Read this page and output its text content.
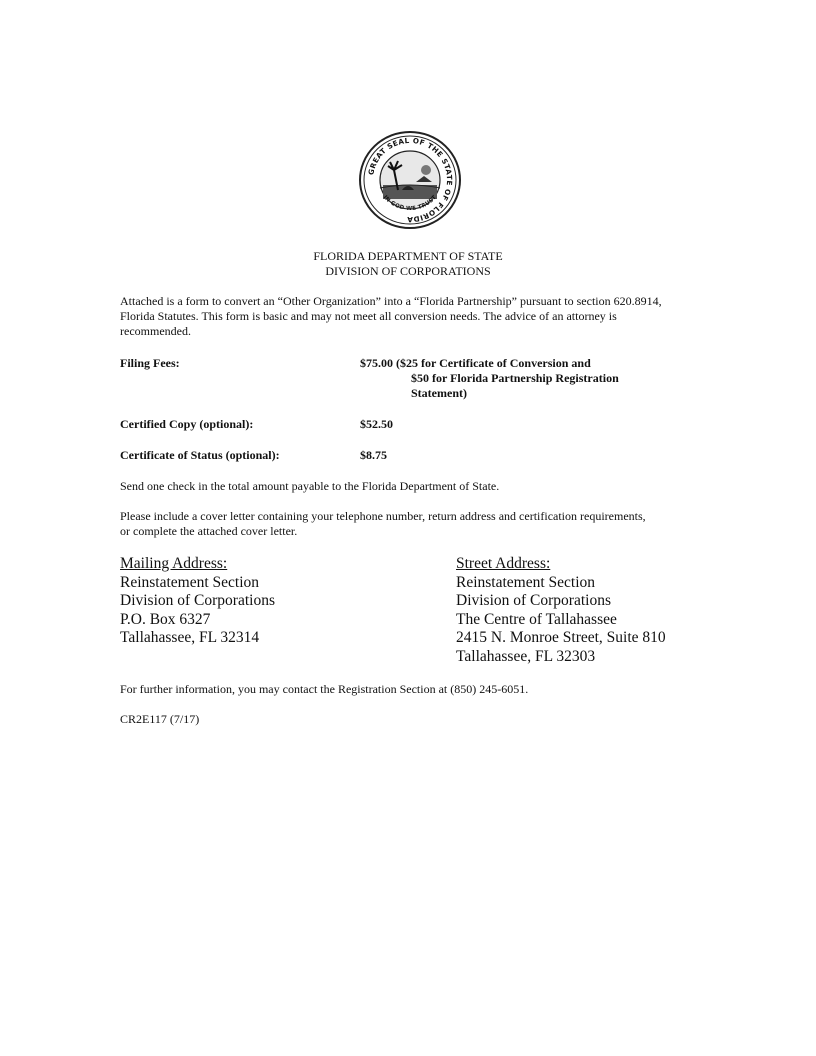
GREAT SEAL OF THE STATE OF FLORIDA
IN GOD WE TRUST
FLORIDA DEPARTMENT OF STATE
DIVISION OF CORPORATIONS
Attached is a form to convert an “Other Organization” into a “Florida Partnership” pursuant to section 620.8914, Florida Statutes. This form is basic and may not meet all conversion needs. The advice of an attorney is recommended.
Filing Fees:	$75.00 ($25 for Certificate of Conversion and
$50 for Florida Partnership Registration
Statement)
Certified Copy (optional):	$52.50
Certificate of Status (optional):	$8.75
Send one check in the total amount payable to the Florida Department of State.
Please include a cover letter containing your telephone number, return address and certification requirements, or complete the attached cover letter.
Mailing Address:
Reinstatement Section
Division of Corporations
P.O. Box 6327
Tallahassee, FL 32314
Street Address:
Reinstatement Section
Division of Corporations
The Centre of Tallahassee
2415 N. Monroe Street, Suite 810
Tallahassee, FL 32303
For further information, you may contact the Registration Section at (850) 245-6051.
CR2E117 (7/17)
